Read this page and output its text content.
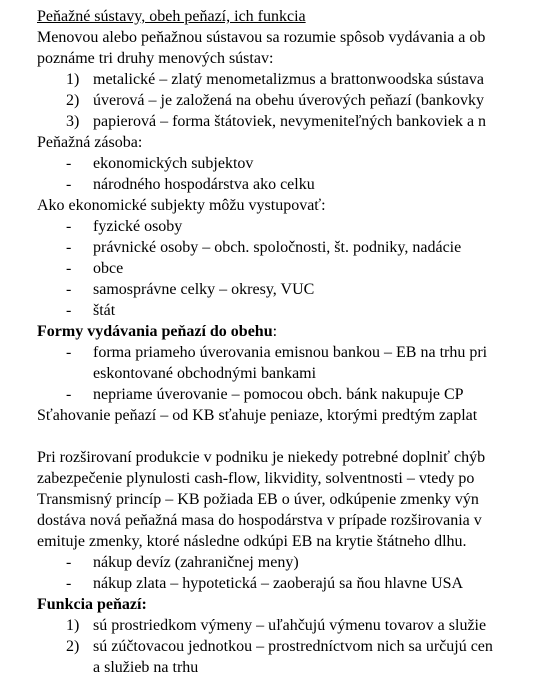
Peňažné sústavy, obeh peňazí, ich funkcia
Menovou alebo peňažnou sústavou sa rozumie spôsob vydávania a ob
poznáme tri druhy menových sústav:
1) metalické – zlatý menometalizmus a brattonwoodska sústava
2) úverová – je založená na obehu úverových peňazí (bankovky
3) papierová – forma štátoviek, nevymeniteľných bankoviek a n
Peňažná zásoba:
- ekonomických subjektov
- národného hospodárstva ako celku
Ako ekonomické subjekty môžu vystupovať:
- fyzické osoby
- právnické osoby – obch. spoločnosti, št. podniky, nadácie
- obce
- samosprávne celky – okresy, VUC
- štát
Formy vydávania peňazí do obehu:
- forma priameho úverovania emisnou bankou – EB na trhu pri
eskontované obchodnými bankami
- nepriame úverovanie – pomocou obch. bánk nakupuje CP
Sťahovanie peňazí – od KB sťahuje peniaze, ktorými predtým zaplat
Pri rozširovaní produkcie v podniku je niekedy potrebné doplniť chýb
zabezpečenie plynulosti cash-flow, likvidity, solventnosti – vtedy po
Transmisný princíp – KB požiada EB o úver, odkúpenie zmenky výn
dostáva nová peňažná masa do hospodárstva v prípade rozširovania v
emituje zmenky, ktoré následne odkúpi EB na krytie štátneho dlhu.
- nákup devíz (zahraničnej meny)
- nákup zlata – hypotetická – zaoberajú sa ňou hlavne USA
Funkcia peňazí:
1) sú prostriedkom výmeny – uľahčujú výmenu tovarov a služie
2) sú zúčtovacou jednotkou – prostredníctvom nich sa určujú cen
a služieb na trhu
